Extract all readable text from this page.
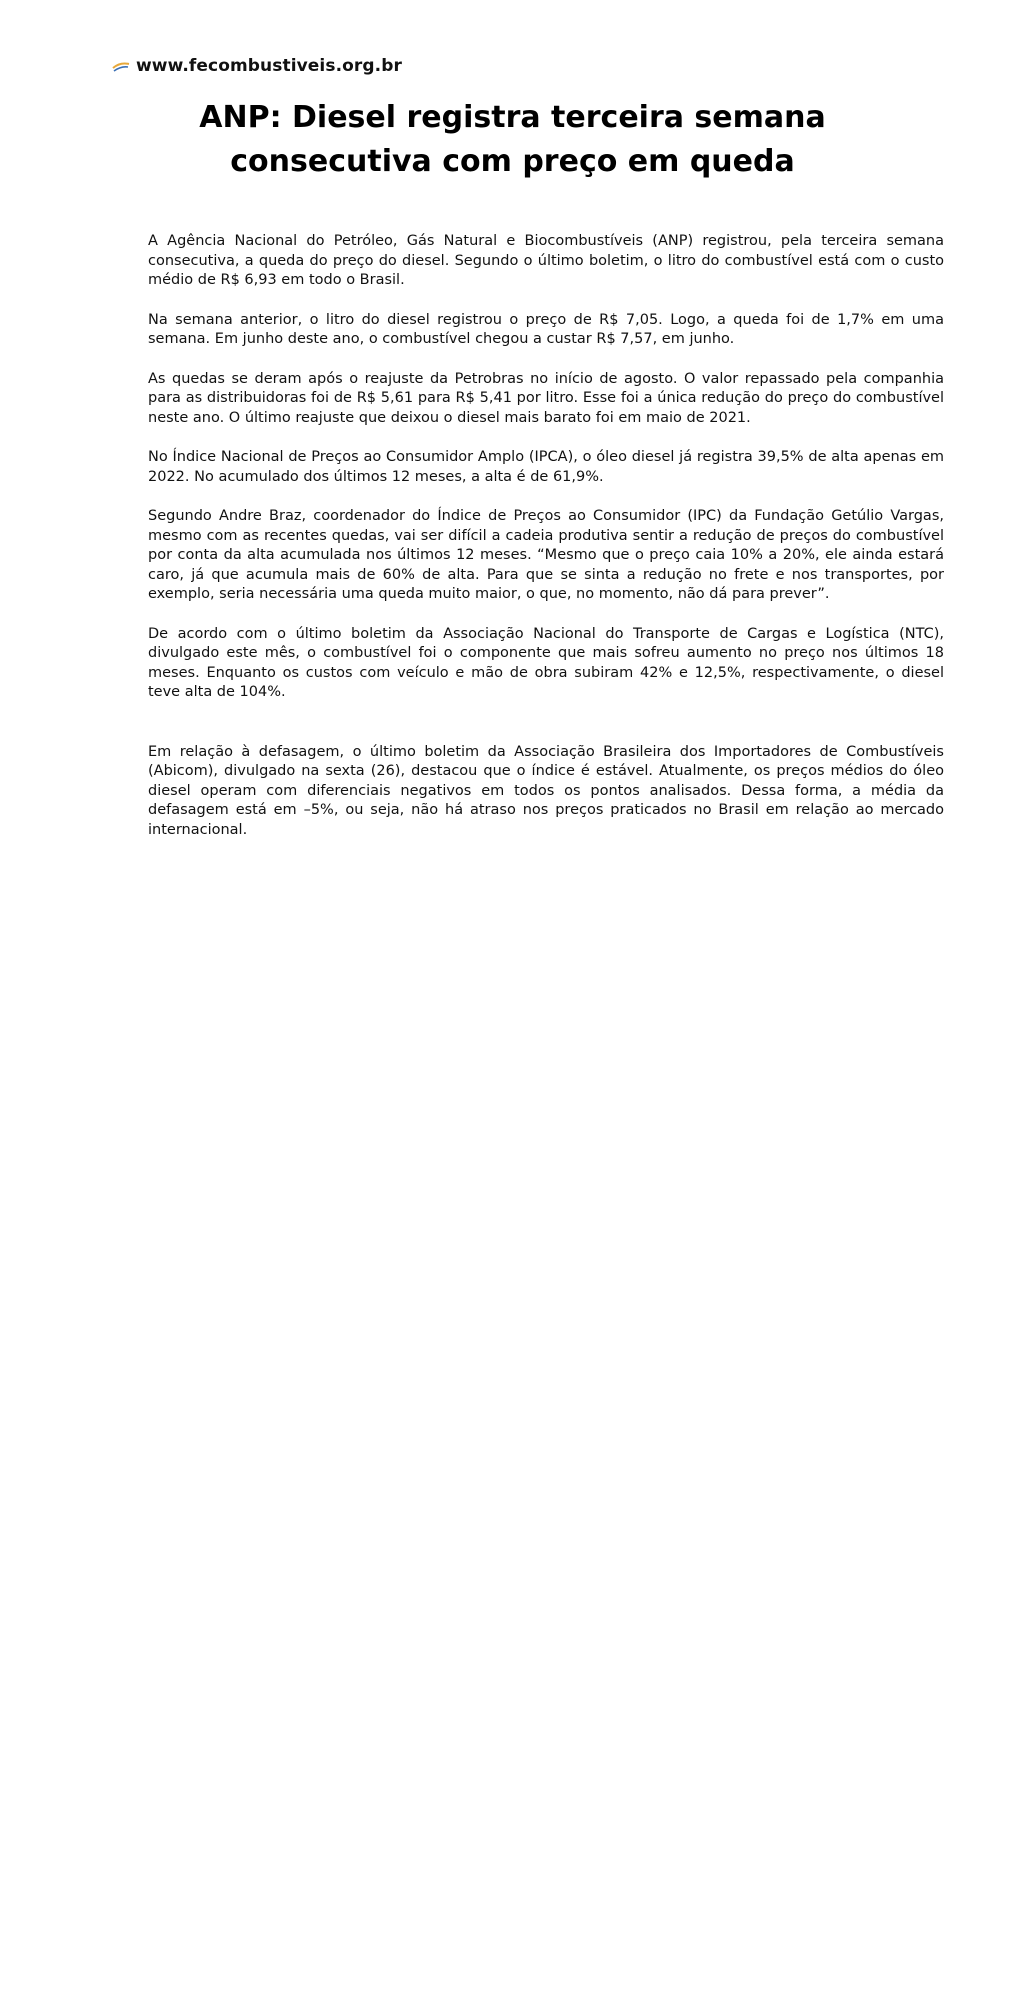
www.fecombustiveis.org.br
ANP: Diesel registra terceira semana consecutiva com preço em queda

A Agência Nacional do Petróleo, Gás Natural e Biocombustíveis (ANP) registrou, pela terceira semana consecutiva, a queda do preço do diesel. Segundo o último boletim, o litro do combustível está com o custo médio de R$ 6,93 em todo o Brasil.

Na semana anterior, o litro do diesel registrou o preço de R$ 7,05. Logo, a queda foi de 1,7% em uma semana. Em junho deste ano, o combustível chegou a custar R$ 7,57, em junho.

As quedas se deram após o reajuste da Petrobras no início de agosto. O valor repassado pela companhia para as distribuidoras foi de R$ 5,61 para R$ 5,41 por litro. Esse foi a única redução do preço do combustível neste ano. O último reajuste que deixou o diesel mais barato foi em maio de 2021.

No Índice Nacional de Preços ao Consumidor Amplo (IPCA), o óleo diesel já registra 39,5% de alta apenas em 2022. No acumulado dos últimos 12 meses, a alta é de 61,9%.

Segundo Andre Braz, coordenador do Índice de Preços ao Consumidor (IPC) da Fundação Getúlio Vargas, mesmo com as recentes quedas, vai ser difícil a cadeia produtiva sentir a redução de preços do combustível por conta da alta acumulada nos últimos 12 meses. “Mesmo que o preço caia 10% a 20%, ele ainda estará caro, já que acumula mais de 60% de alta. Para que se sinta a redução no frete e nos transportes, por exemplo, seria necessária uma queda muito maior, o que, no momento, não dá para prever”.

De acordo com o último boletim da Associação Nacional do Transporte de Cargas e Logística (NTC), divulgado este mês, o combustível foi o componente que mais sofreu aumento no preço nos últimos 18 meses. Enquanto os custos com veículo e mão de obra subiram 42% e 12,5%, respectivamente, o diesel teve alta de 104%.

Em relação à defasagem, o último boletim da Associação Brasileira dos Importadores de Combustíveis (Abicom), divulgado na sexta (26), destacou que o índice é estável. Atualmente, os preços médios do óleo diesel operam com diferenciais negativos em todos os pontos analisados. Dessa forma, a média da defasagem está em –5%, ou seja, não há atraso nos preços praticados no Brasil em relação ao mercado internacional.
